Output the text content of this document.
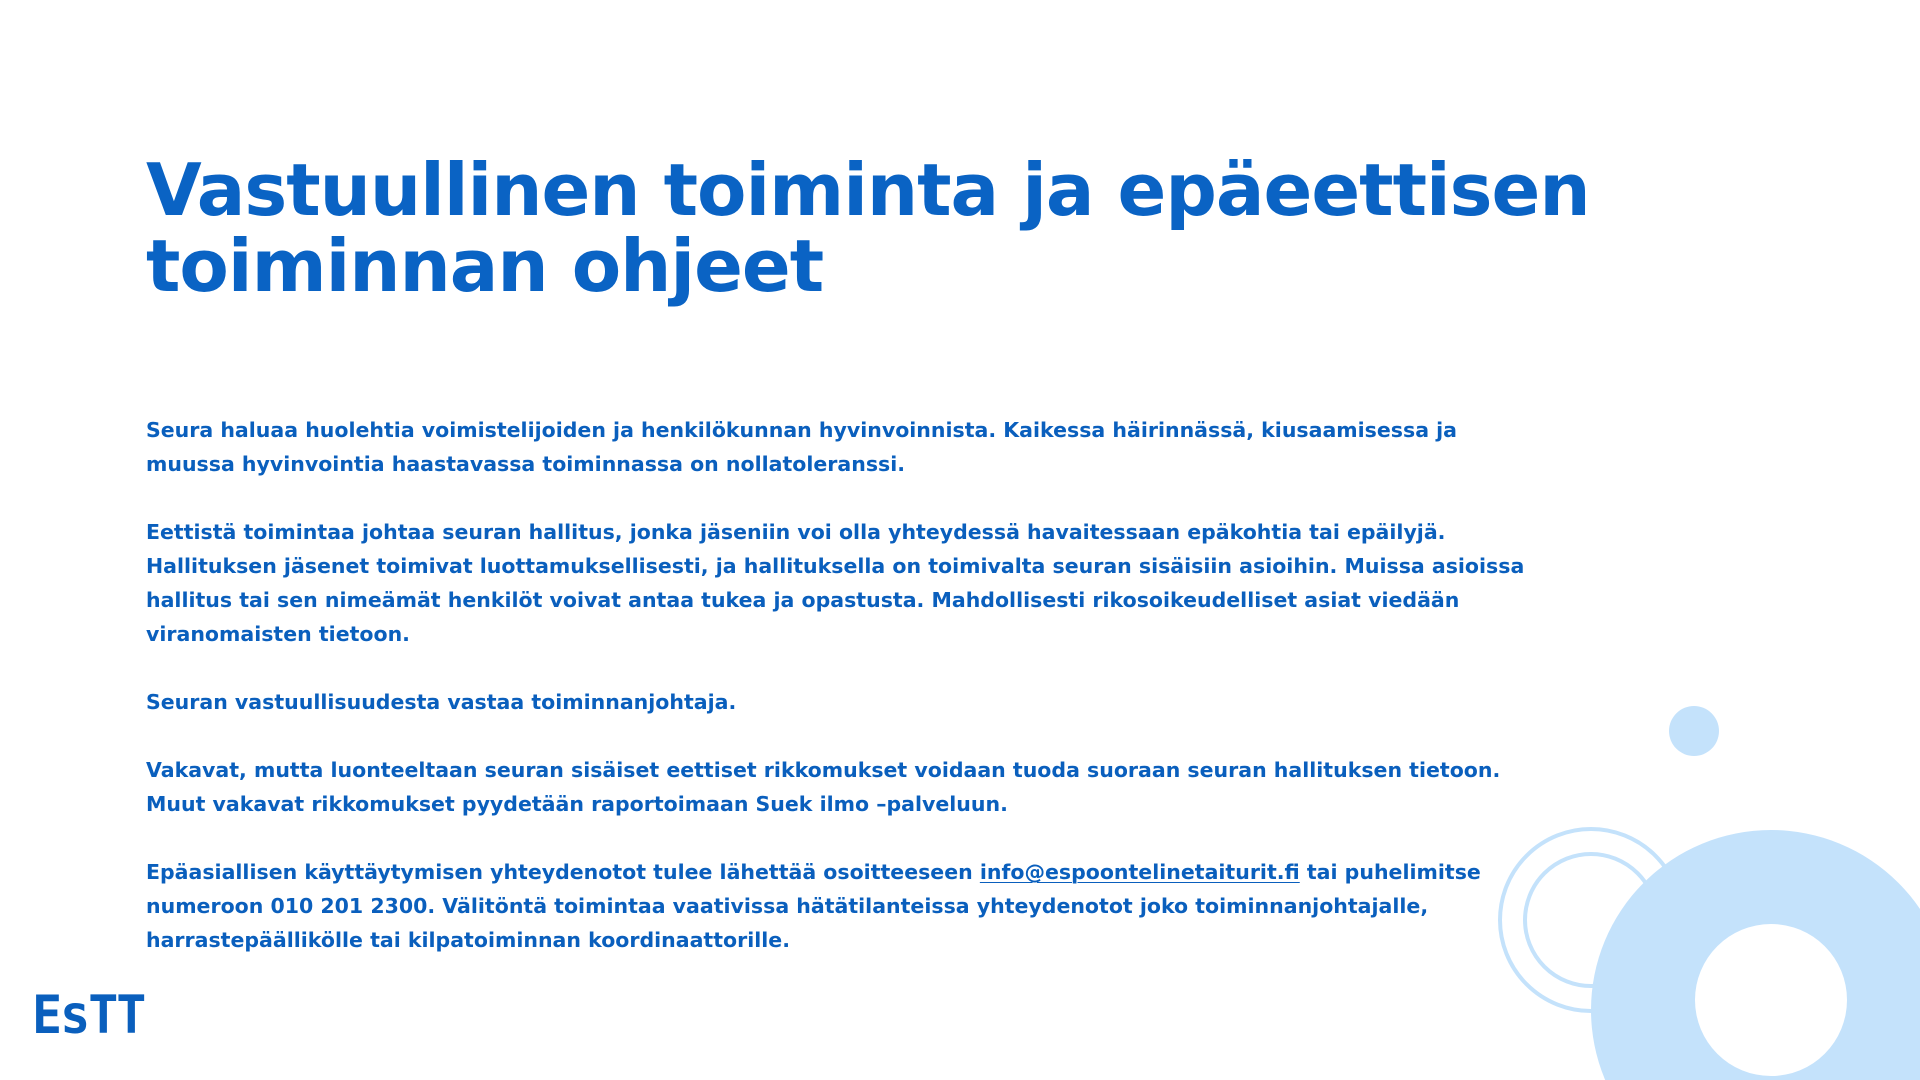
Vastuullinen toiminta ja epäeettisen
toiminnan ohjeet

Seura haluaa huolehtia voimistelijoiden ja henkilökunnan hyvinvoinnista. Kaikessa häirinnässä, kiusaamisessa ja
muussa hyvinvointia haastavassa toiminnassa on nollatoleranssi.

Eettistä toimintaa johtaa seuran hallitus, jonka jäseniin voi olla yhteydessä havaitessaan epäkohtia tai epäilyjä.
Hallituksen jäsenet toimivat luottamuksellisesti, ja hallituksella on toimivalta seuran sisäisiin asioihin. Muissa asioissa
hallitus tai sen nimeämät henkilöt voivat antaa tukea ja opastusta. Mahdollisesti rikosoikeudelliset asiat viedään
viranomaisten tietoon.

Seuran vastuullisuudesta vastaa toiminnanjohtaja.

Vakavat, mutta luonteeltaan seuran sisäiset eettiset rikkomukset voidaan tuoda suoraan seuran hallituksen tietoon.
Muut vakavat rikkomukset pyydetään raportoimaan Suek ilmo –palveluun.

Epäasiallisen käyttäytymisen yhteydenotot tulee lähettää osoitteeseen info@espoontelinetaiturit.fi tai puhelimitse
numeroon 010 201 2300. Välitöntä toimintaa vaativissa hätätilanteissa yhteydenotot joko toiminnanjohtajalle,
harrastepäällikölle tai kilpatoiminnan koordinaattorille.

EsTT
